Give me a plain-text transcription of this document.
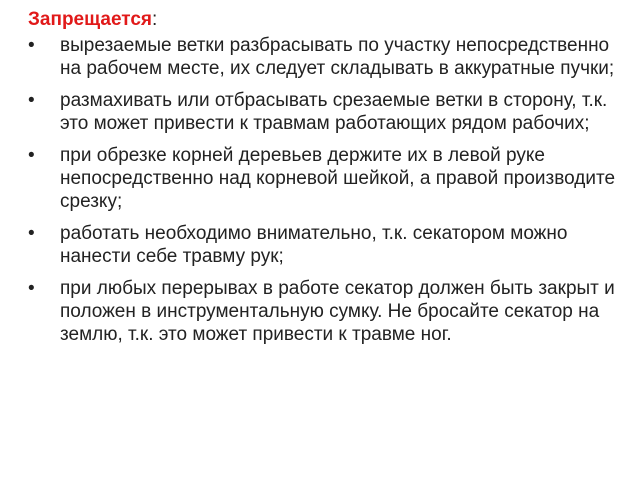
Запрещается:
•	вырезаемые ветки разбрасывать по участку непосредственно на рабочем месте, их следует складывать в аккуратные пучки;
•	размахивать или отбрасывать срезаемые ветки в сторону, т.к. это может привести к травмам работающих рядом рабочих;
•	при обрезке корней деревьев держите их в левой руке непосредственно над корневой шейкой, а правой производите срезку;
•	работать необходимо внимательно, т.к. секатором можно нанести себе травму рук;
•	при любых перерывах в работе секатор должен быть закрыт и положен в инструментальную сумку. Не бросайте секатор на землю, т.к. это может привести к травме ног.
